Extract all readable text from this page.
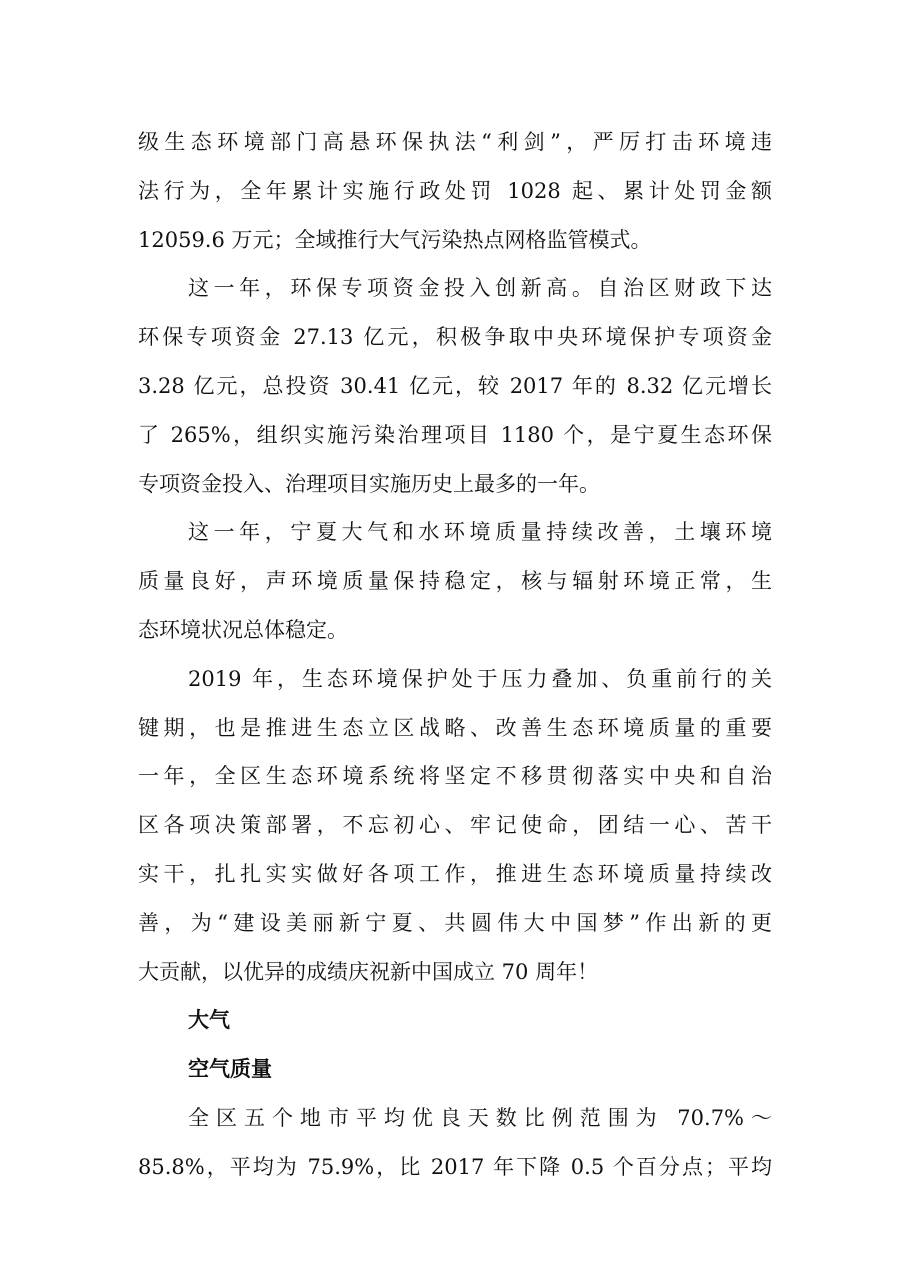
级生态环境部门高悬环保执法“利剑”，严厉打击环境违
法行为，全年累计实施行政处罚 1028 起、累计处罚金额
12059.6 万元；全域推行大气污染热点网格监管模式。
这一年，环保专项资金投入创新高。自治区财政下达
环保专项资金 27.13 亿元，积极争取中央环境保护专项资金
3.28 亿元，总投资 30.41 亿元，较 2017 年的 8.32 亿元增长
了 265%，组织实施污染治理项目 1180 个，是宁夏生态环保
专项资金投入、治理项目实施历史上最多的一年。
这一年，宁夏大气和水环境质量持续改善，土壤环境
质量良好，声环境质量保持稳定，核与辐射环境正常，生
态环境状况总体稳定。
2019 年，生态环境保护处于压力叠加、负重前行的关
键期，也是推进生态立区战略、改善生态环境质量的重要
一年，全区生态环境系统将坚定不移贯彻落实中央和自治
区各项决策部署，不忘初心、牢记使命，团结一心、苦干
实干，扎扎实实做好各项工作，推进生态环境质量持续改
善，为“建设美丽新宁夏、共圆伟大中国梦”作出新的更
大贡献，以优异的成绩庆祝新中国成立 70 周年！
大气
空气质量
全区五个地市平均优良天数比例范围为 70.7%～
85.8%，平均为 75.9%，比 2017 年下降 0.5 个百分点；平均
